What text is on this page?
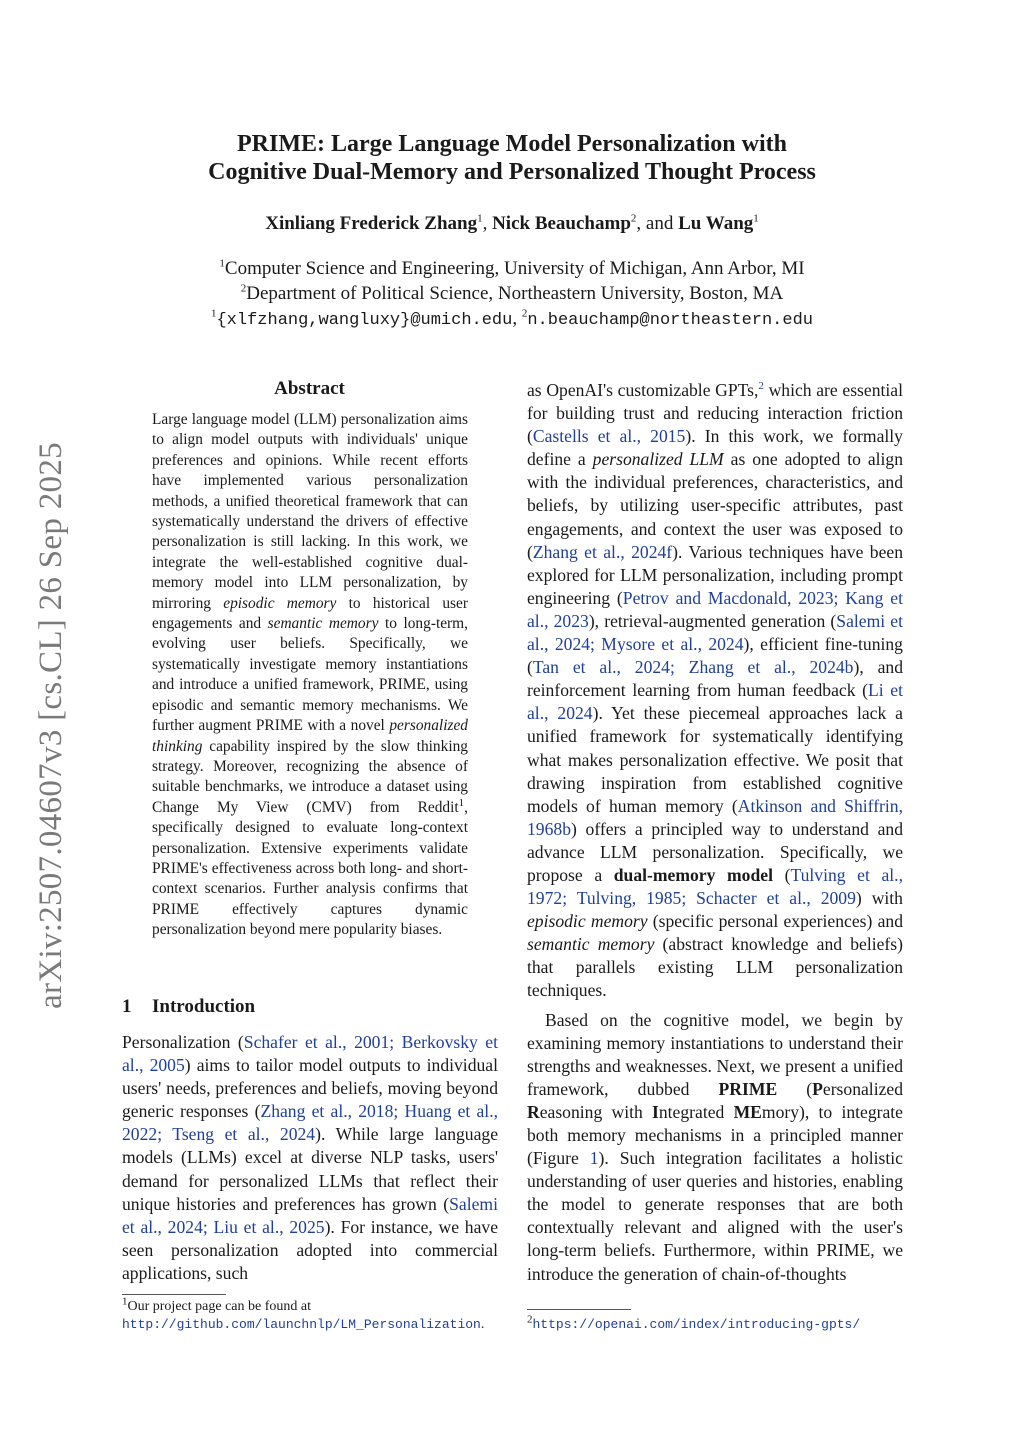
arXiv:2507.04607v3 [cs.CL] 26 Sep 2025
PRIME: Large Language Model Personalization with
Cognitive Dual-Memory and Personalized Thought Process
Xinliang Frederick Zhang$^1$, Nick Beauchamp$^2$, and Lu Wang$^1$
$^1$Computer Science and Engineering, University of Michigan, Ann Arbor, MI
$^2$Department of Political Science, Northeastern University, Boston, MA
$^1${xlfzhang,wangluxy}@umich.edu, $^2$n.beauchamp@northeastern.edu
Abstract

Large language model (LLM) personalization aims to align model outputs with individuals' unique preferences and opinions. While recent efforts have implemented various personalization methods, a unified theoretical framework that can systematically understand the drivers of effective personalization is still lacking. In this work, we integrate the well-established cognitive dual-memory model into LLM personalization, by mirroring episodic memory to historical user engagements and semantic memory to long-term, evolving user beliefs. Specifically, we systematically investigate memory instantiations and introduce a unified framework, PRIME, using episodic and semantic memory mechanisms. We further augment PRIME with a novel personalized thinking capability inspired by the slow thinking strategy. Moreover, recognizing the absence of suitable benchmarks, we introduce a dataset using Change My View (CMV) from Reddit$^1$, specifically designed to evaluate long-context personalization. Extensive experiments validate PRIME's effectiveness across both long- and short-context scenarios. Further analysis confirms that PRIME effectively captures dynamic personalization beyond mere popularity biases.

1 Introduction

Personalization (Schafer et al., 2001; Berkovsky et al., 2005) aims to tailor model outputs to individual users' needs, preferences and beliefs, moving beyond generic responses (Zhang et al., 2018; Huang et al., 2022; Tseng et al., 2024). While large language models (LLMs) excel at diverse NLP tasks, users' demand for personalized LLMs that reflect their unique histories and preferences has grown (Salemi et al., 2024; Liu et al., 2025). For instance, we have seen personalization adopted into commercial applications, such

as OpenAI's customizable GPTs,$^2$ which are essential for building trust and reducing interaction friction (Castells et al., 2015). In this work, we formally define a personalized LLM as one adopted to align with the individual preferences, characteristics, and beliefs, by utilizing user-specific attributes, past engagements, and context the user was exposed to (Zhang et al., 2024f). Various techniques have been explored for LLM personalization, including prompt engineering (Petrov and Macdonald, 2023; Kang et al., 2023), retrieval-augmented generation (Salemi et al., 2024; Mysore et al., 2024), efficient fine-tuning (Tan et al., 2024; Zhang et al., 2024b), and reinforcement learning from human feedback (Li et al., 2024). Yet these piecemeal approaches lack a unified framework for systematically identifying what makes personalization effective. We posit that drawing inspiration from established cognitive models of human memory (Atkinson and Shiffrin, 1968b) offers a principled way to understand and advance LLM personalization. Specifically, we propose a dual-memory model (Tulving et al., 1972; Tulving, 1985; Schacter et al., 2009) with episodic memory (specific personal experiences) and semantic memory (abstract knowledge and beliefs) that parallels existing LLM personalization techniques.

Based on the cognitive model, we begin by examining memory instantiations to understand their strengths and weaknesses. Next, we present a unified framework, dubbed PRIME (Personalized Reasoning with Integrated MEmory), to integrate both memory mechanisms in a principled manner (Figure 1). Such integration facilitates a holistic understanding of user queries and histories, enabling the model to generate responses that are both contextually relevant and aligned with the user's long-term beliefs. Furthermore, within PRIME, we introduce the generation of chain-of-thoughts

$^1$Our project page can be found at http://github.com/launchnlp/LM_Personalization.	$^2$https://openai.com/index/introducing-gpts/
